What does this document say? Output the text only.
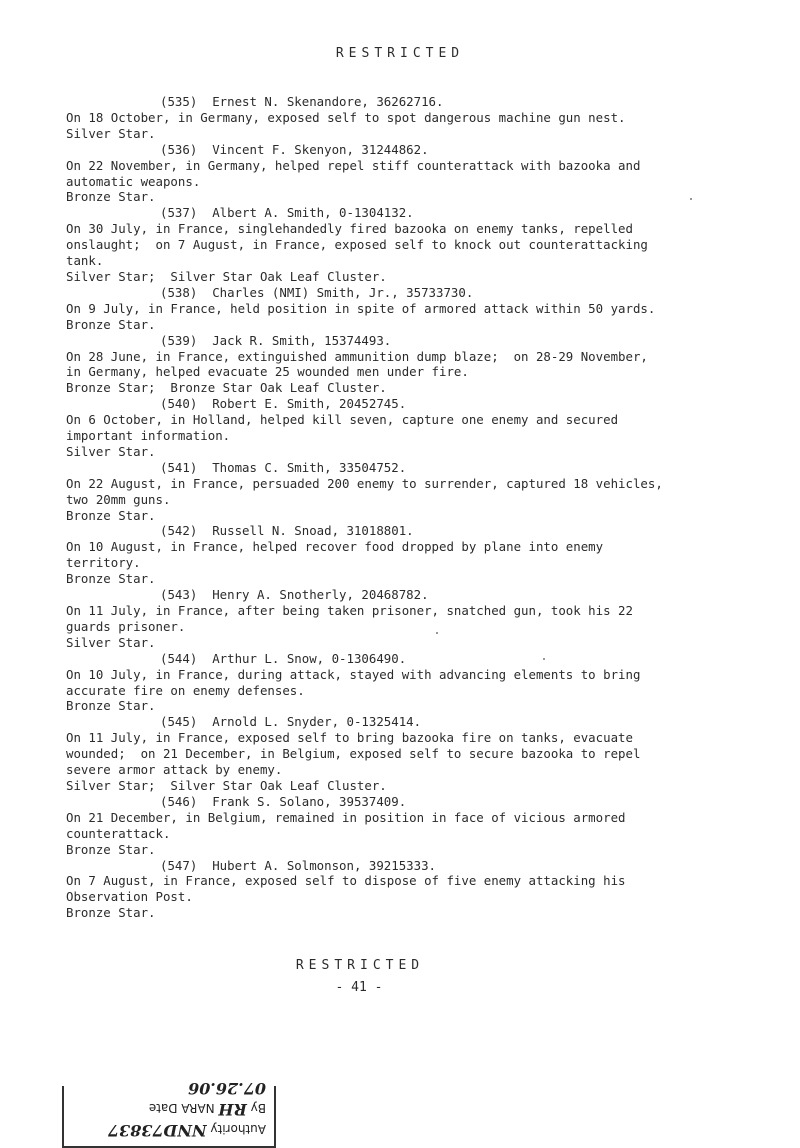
RESTRICTED
(535)  Ernest N. Skenandore, 36262716.
On 18 October, in Germany, exposed self to spot dangerous machine gun nest.
Silver Star.
(536)  Vincent F. Skenyon, 31244862.
On 22 November, in Germany, helped repel stiff counterattack with bazooka and
automatic weapons.
Bronze Star.
(537)  Albert A. Smith, 0-1304132.
On 30 July, in France, singlehandedly fired bazooka on enemy tanks, repelled
onslaught;  on 7 August, in France, exposed self to knock out counterattacking
tank.
Silver Star;  Silver Star Oak Leaf Cluster.
(538)  Charles (NMI) Smith, Jr., 35733730.
On 9 July, in France, held position in spite of armored attack within 50 yards.
Bronze Star.
(539)  Jack R. Smith, 15374493.
On 28 June, in France, extinguished ammunition dump blaze;  on 28-29 November,
in Germany, helped evacuate 25 wounded men under fire.
Bronze Star;  Bronze Star Oak Leaf Cluster.
(540)  Robert E. Smith, 20452745.
On 6 October, in Holland, helped kill seven, capture one enemy and secured
important information.
Silver Star.
(541)  Thomas C. Smith, 33504752.
On 22 August, in France, persuaded 200 enemy to surrender, captured 18 vehicles,
two 20mm guns.
Bronze Star.
(542)  Russell N. Snoad, 31018801.
On 10 August, in France, helped recover food dropped by plane into enemy
territory.
Bronze Star.
(543)  Henry A. Snotherly, 20468782.
On 11 July, in France, after being taken prisoner, snatched gun, took his 22
guards prisoner.
Silver Star.
(544)  Arthur L. Snow, 0-1306490.
On 10 July, in France, during attack, stayed with advancing elements to bring
accurate fire on enemy defenses.
Bronze Star.
(545)  Arnold L. Snyder, 0-1325414.
On 11 July, in France, exposed self to bring bazooka fire on tanks, evacuate
wounded;  on 21 December, in Belgium, exposed self to secure bazooka to repel
severe armor attack by enemy.
Silver Star;  Silver Star Oak Leaf Cluster.
(546)  Frank S. Solano, 39537409.
On 21 December, in Belgium, remained in position in face of vicious armored
counterattack.
Bronze Star.
(547)  Hubert A. Solmonson, 39215333.
On 7 August, in France, exposed self to dispose of five enemy attacking his
Observation Post.
Bronze Star.
RESTRICTED
- 41 -
Authority NND73837
By RH NARA Date 07.26.06
